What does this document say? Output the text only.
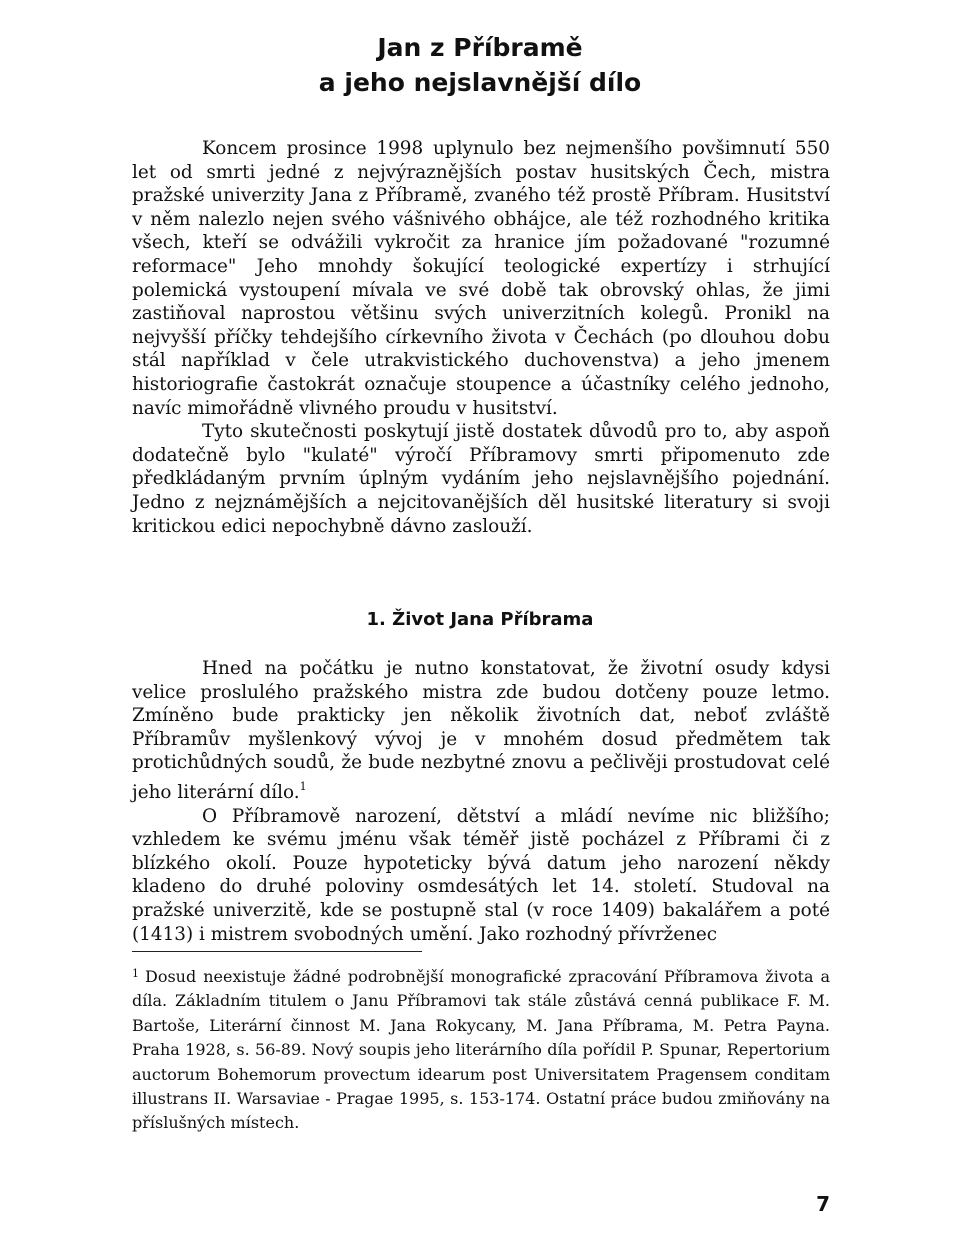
Jan z Příbramě
a jeho nejslavnější dílo

Koncem prosince 1998 uplynulo bez nejmenšího povšimnutí 550 let od smrti jedné z nejvýraznějších postav husitských Čech, mistra pražské univerzity Jana z Příbramě, zvaného též prostě Příbram. Husitství v něm nalezlo nejen svého vášnivého obhájce, ale též rozhodného kritika všech, kteří se odvážili vykročit za hranice jím požadované "rozumné reformace" Jeho mnohdy šokující teologické expertízy i strhující polemická vystoupení mívala ve své době tak obrovský ohlas, že jimi zastiňoval naprostou většinu svých univerzitních kolegů. Pronikl na nejvyšší příčky tehdejšího církevního života v Čechách (po dlouhou dobu stál například v čele utrakvistického duchovenstva) a jeho jmenem historiografie častokrát označuje stoupence a účastníky celého jednoho, navíc mimořádně vlivného proudu v husitství.

Tyto skutečnosti poskytují jistě dostatek důvodů pro to, aby aspoň dodatečně bylo "kulaté" výročí Příbramovy smrti připomenuto zde předkládaným prvním úplným vydáním jeho nejslavnějšího pojednání. Jedno z nejznámějších a nejcitovanějších děl husitské literatury si svoji kritickou edici nepochybně dávno zaslouží.

1. Život Jana Příbrama

Hned na počátku je nutno konstatovat, že životní osudy kdysi velice proslulého pražského mistra zde budou dotčeny pouze letmo. Zmíněno bude prakticky jen několik životních dat, neboť zvláště Příbramův myšlenkový vývoj je v mnohém dosud předmětem tak protichůdných soudů, že bude nezbytné znovu a pečlivěji prostudovat celé jeho literární dílo.$^1$

O Příbramově narození, dětství a mládí nevíme nic bližšího; vzhledem ke svému jménu však téměř jistě pocházel z Příbrami či z blízkého okolí. Pouze hypoteticky bývá datum jeho narození někdy kladeno do druhé poloviny osmdesátých let 14. století. Studoval na pražské univerzitě, kde se postupně stal (v roce 1409) bakalářem a poté (1413) i mistrem svobodných umění. Jako rozhodný přívrženec

1 Dosud neexistuje žádné podrobnější monografické zpracování Příbramova života a díla. Základním titulem o Janu Příbramovi tak stále zůstává cenná publikace F. M. Bartoše, Literární činnost M. Jana Rokycany, M. Jana Příbrama, M. Petra Payna. Praha 1928, s. 56-89. Nový soupis jeho literárního díla pořídil P. Spunar, Repertorium auctorum Bohemorum provectum idearum post Universitatem Pragensem conditam illustrans II. Warsaviae - Pragae 1995, s. 153-174. Ostatní práce budou zmiňovány na příslušných místech.
7
